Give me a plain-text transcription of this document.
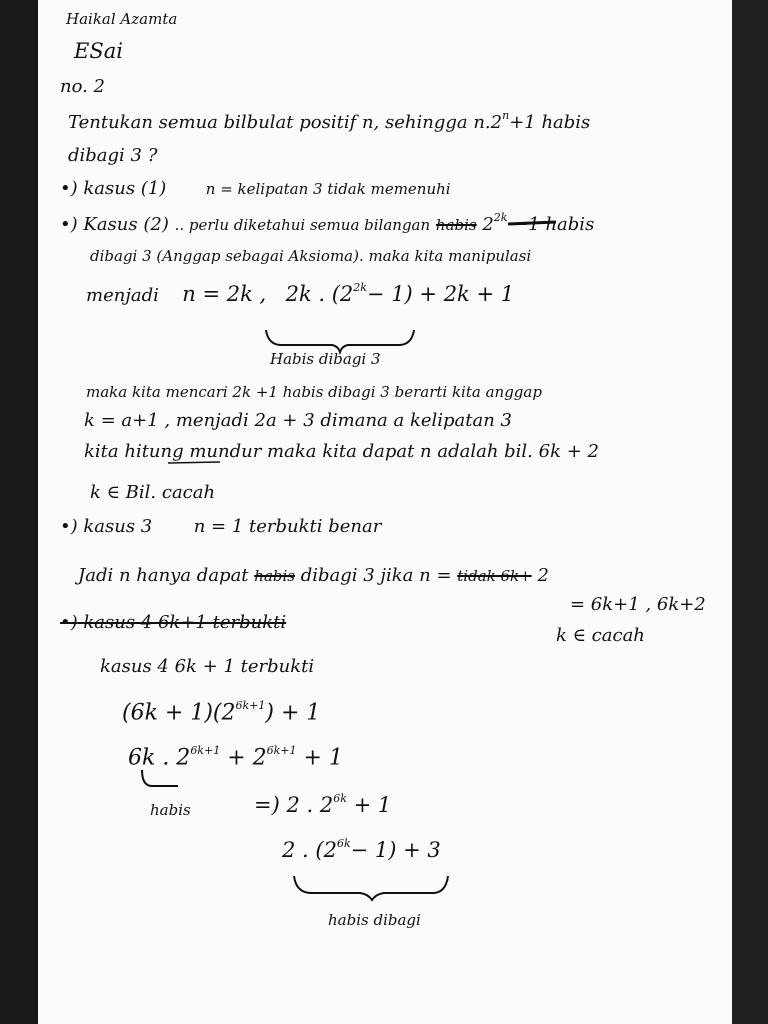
Haikal Azamta
ESai
no. 2
Tentukan semua bilbulat positif n, sehingga $n.2^n+1$ habis
dibagi 3 ?
•) kasus (1)	n = kelipatan 3 tidak memenuhi
•) Kasus (2) .. perlu diketahui semua bilangan habis $2^{2k} -1$ habis
dibagi 3 (Anggap sebagai Aksioma). maka kita manipulasi
menjadi n = 2k , 2k . $(2^{2k}- 1) + 2k + 1$
Habis dibagi 3
maka kita mencari 2k +1 habis dibagi 3 berarti kita anggap
k = a+1 , menjadi 2a + 3 dimana a kelipatan 3
kita hitung mundur maka kita dapat n adalah bil. 6k + 2
k ∈ Bil. cacah
•) kasus 3 n = 1 terbukti benar
Jadi n hanya dapat habis dibagi 3 jika n = tidak 6k+ 2
= 6k+1 , 6k+2
k ∈ cacah
•) kasus 4 6k+1 terbukti
kasus 4 6k + 1 terbukti
$(6k + 1)(2^{6k+1}) + 1$
6k . $2^{6k+1} + 2^{6k+1} + 1$
habis	=) 2 . $2^{6k} + 1$
2 . $(2^{6k}- 1) + 3$
habis dibagi
